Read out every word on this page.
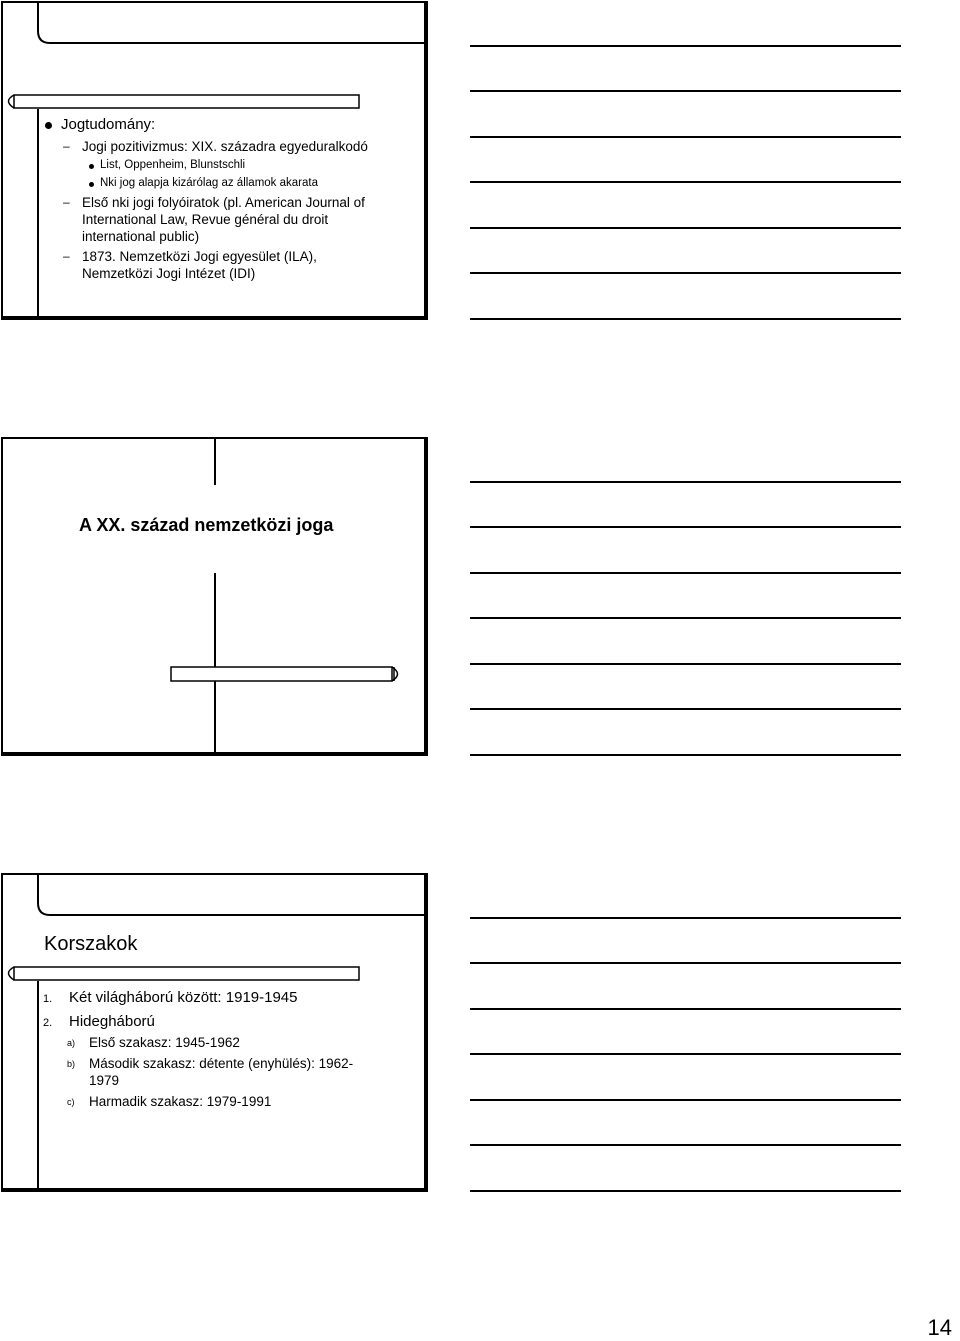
Jogtudomány:
– Jogi pozitivizmus: XIX. századra egyeduralkodó
List, Oppenheim, Blunstschli
Nki jog alapja kizárólag az államok akarata
– Első nki jogi folyóiratok (pl. American Journal of
International Law, Revue général du droit
international public)
– 1873. Nemzetközi Jogi egyesület (ILA),
Nemzetközi Jogi Intézet (IDI)
A XX. század nemzetközi joga
Korszakok
1. Két világháború között: 1919-1945
2. Hidegháború
a) Első szakasz: 1945-1962
b) Második szakasz: détente (enyhülés): 1962-
1979
c) Harmadik szakasz: 1979-1991
14
